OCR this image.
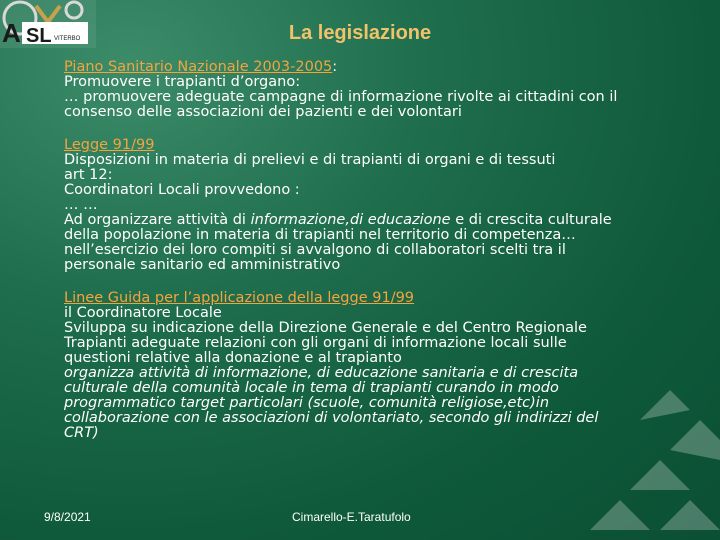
A SL VITERBO	La legislazione
Piano Sanitario Nazionale 2003-2005:
Promuovere i trapianti d’organo:
… promuovere adeguate campagne di informazione rivolte ai cittadini con il
consenso delle associazioni dei pazienti e dei volontari
Legge 91/99
Disposizioni in materia di prelievi e di trapianti di organi e di tessuti
art 12:
Coordinatori Locali provvedono :
… …
Ad organizzare attività di informazione,di educazione e di crescita culturale
della popolazione in materia di trapianti nel territorio di competenza…
nell’esercizio dei loro compiti si avvalgono di collaboratori scelti tra il
personale sanitario ed amministrativo
Linee Guida per l’applicazione della legge 91/99
il Coordinatore Locale
Sviluppa su indicazione della Direzione Generale e del Centro Regionale
Trapianti adeguate relazioni con gli organi di informazione locali sulle
questioni relative alla donazione e al trapianto
organizza attività di informazione, di educazione sanitaria e di crescita
culturale della comunità locale in tema di trapianti curando in modo
programmatico target particolari (scuole, comunità religiose,etc)in
collaborazione con le associazioni di volontariato, secondo gli indirizzi del
CRT)
9/8/2021	Cimarello-E.Taratufolo
